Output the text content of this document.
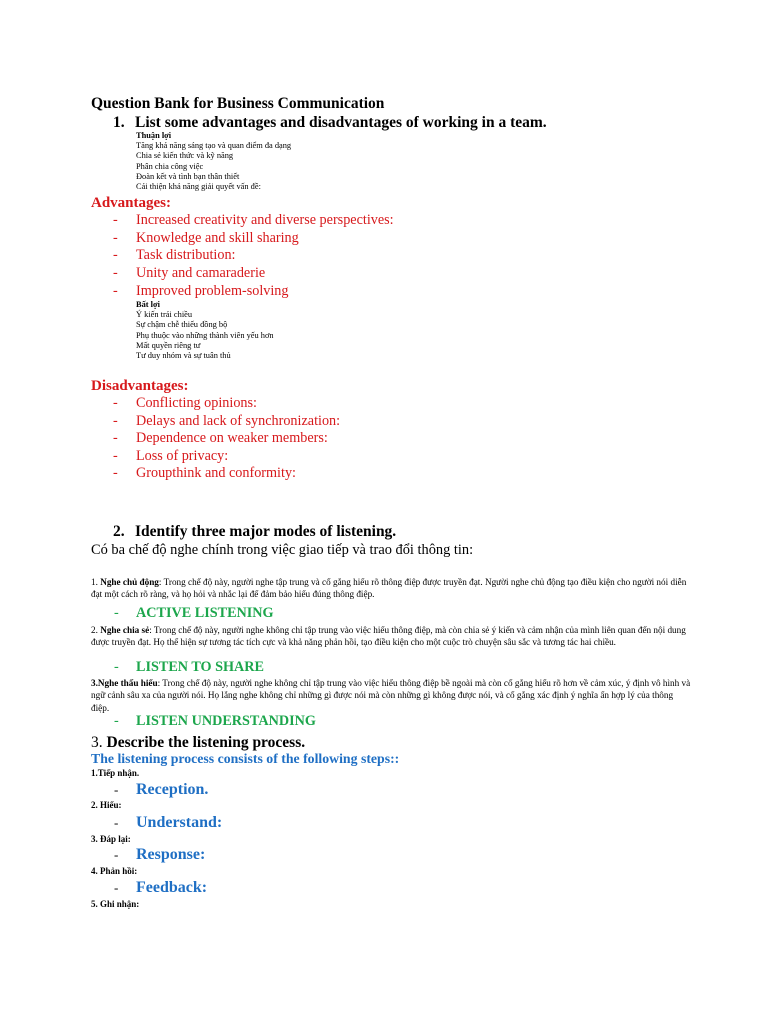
Question Bank for Business Communication
1. List some advantages and disadvantages of working in a team.
Thuận lợi
Tăng khả năng sáng tạo và quan điểm đa dạng
Chia sẻ kiến thức và kỹ năng
Phân chia công việc
Đoàn kết và tình bạn thân thiết
Cải thiện khả năng giải quyết vấn đề:
Advantages:
- Increased creativity and diverse perspectives:
- Knowledge and skill sharing
- Task distribution:
- Unity and camaraderie
- Improved problem-solving
Bất lợi
Ý kiến trái chiều
Sự chậm chễ thiếu đồng bộ
Phụ thuộc vào những thành viên yếu hơn
Mất quyền riêng tư
Tư duy nhóm và sự tuân thủ
Disadvantages:
- Conflicting opinions:
- Delays and lack of synchronization:
- Dependence on weaker members:
- Loss of privacy:
- Groupthink and conformity:
2. Identify three major modes of listening.
Có ba chế độ nghe chính trong việc giao tiếp và trao đổi thông tin:
1. Nghe chủ động: Trong chế độ này, người nghe tập trung và cố gắng hiểu rõ thông điệp được truyền đạt. Người nghe chủ động tạo điều kiện cho người nói diễn đạt một cách rõ ràng, và họ hỏi và nhắc lại để đảm bảo hiểu đúng thông điệp.
- ACTIVE LISTENING
2. Nghe chia sẻ: Trong chế độ này, người nghe không chỉ tập trung vào việc hiểu thông điệp, mà còn chia sẻ ý kiến và cảm nhận của mình liên quan đến nội dung được truyền đạt. Họ thể hiện sự tương tác tích cực và khả năng phản hồi, tạo điều kiện cho một cuộc trò chuyện sâu sắc và tương tác hai chiều.
- LISTEN TO SHARE
3.Nghe thấu hiểu: Trong chế độ này, người nghe không chỉ tập trung vào việc hiểu thông điệp bề ngoài mà còn cố gắng hiểu rõ hơn về cảm xúc, ý định vô hình và ngữ cảnh sâu xa của người nói. Họ lắng nghe không chỉ những gì được nói mà còn những gì không được nói, và cố gắng xác định ý nghĩa ẩn hợp lý của thông điệp.
- LISTEN UNDERSTANDING
3. Describe the listening process.
The listening process consists of the following steps::
1.Tiếp nhận.
- Reception.
2. Hiểu:
- Understand:
3. Đáp lại:
- Response:
4. Phản hồi:
- Feedback:
5. Ghi nhận:
